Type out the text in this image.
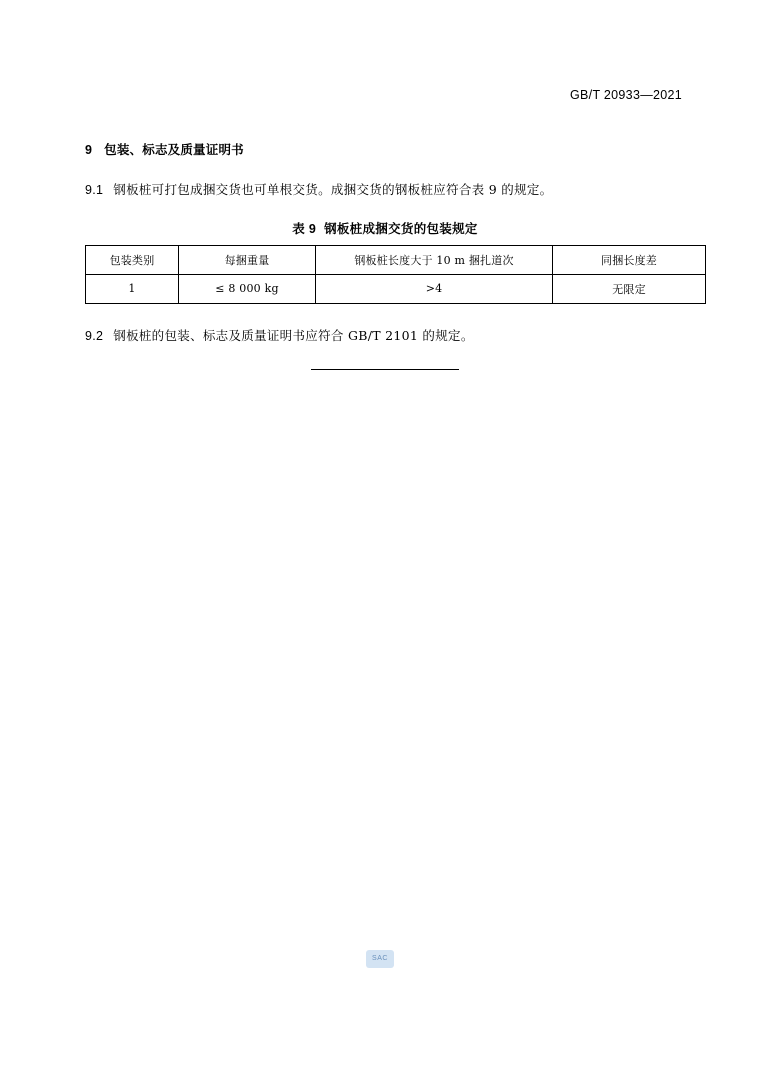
GB/T 20933—2021
9 包装、标志及质量证明书

9.1 钢板桩可打包成捆交货也可单根交货。成捆交货的钢板桩应符合表 9 的规定。

表 9 钢板桩成捆交货的包装规定
包装类别	每捆重量	钢板桩长度大于 10 m 捆扎道次	同捆长度差
1	≤ 8 000 kg	>4	无限定

9.2 钢板桩的包装、标志及质量证明书应符合 GB/T 2101 的规定。

SAC
